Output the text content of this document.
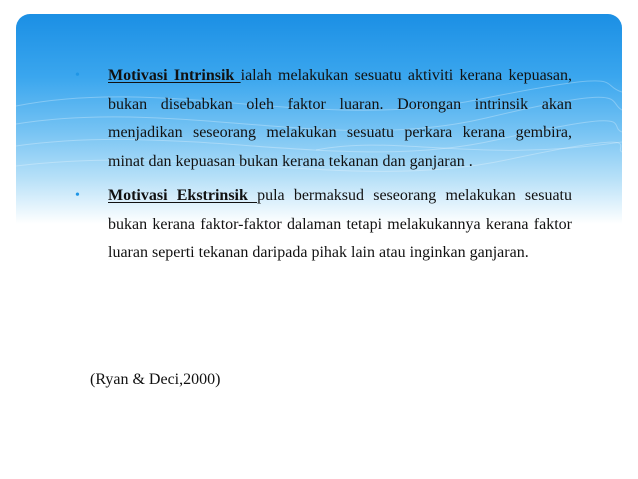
• Motivasi Intrinsik ialah melakukan sesuatu aktiviti kerana kepuasan, bukan disebabkan oleh faktor luaran. Dorongan intrinsik akan menjadikan seseorang melakukan sesuatu perkara kerana gembira, minat dan kepuasan bukan kerana tekanan dan ganjaran .
• Motivasi Ekstrinsik pula bermaksud seseorang melakukan sesuatu bukan kerana faktor-faktor dalaman tetapi melakukannya kerana faktor luaran seperti tekanan daripada pihak lain atau inginkan ganjaran.
(Ryan & Deci,2000)
